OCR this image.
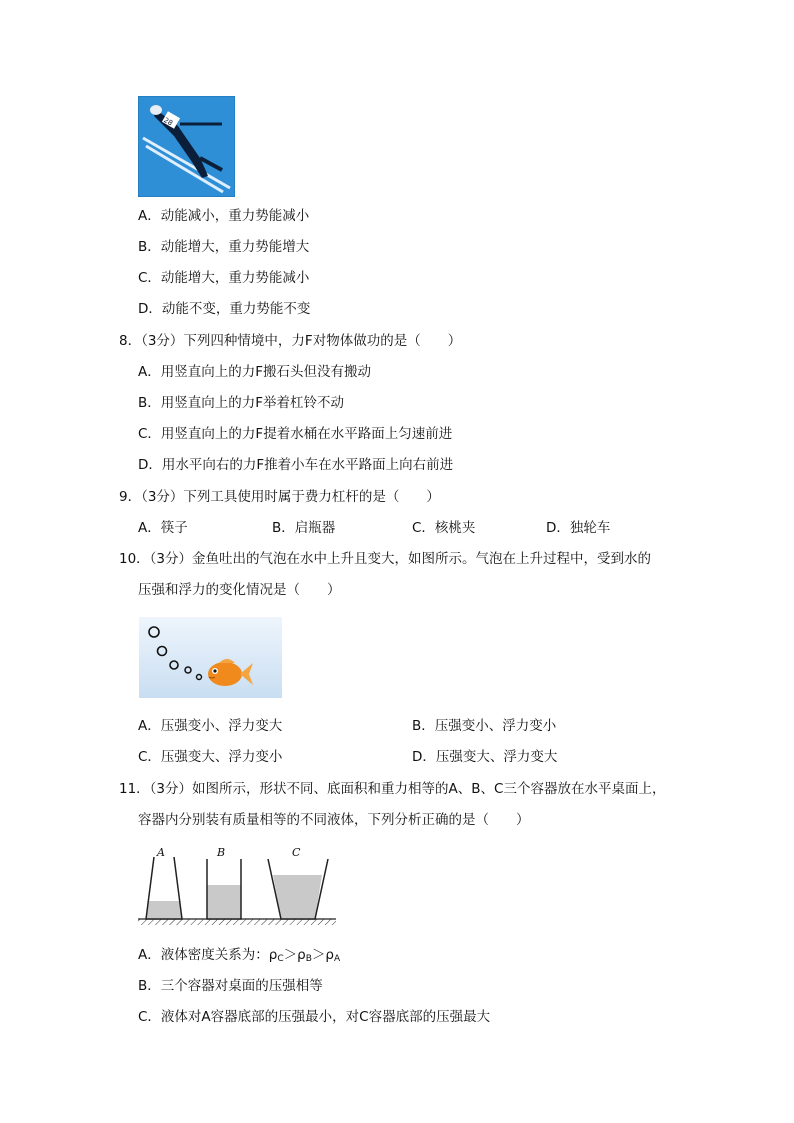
28
A．动能减小，重力势能减小
B．动能增大，重力势能增大
C．动能增大，重力势能减小
D．动能不变，重力势能不变
8．（3分）下列四种情境中，力F对物体做功的是（　　）
A．用竖直向上的力F搬石头但没有搬动
B．用竖直向上的力F举着杠铃不动
C．用竖直向上的力F提着水桶在水平路面上匀速前进
D．用水平向右的力F推着小车在水平路面上向右前进
9．（3分）下列工具使用时属于费力杠杆的是（　　）
A．筷子	B．启瓶器	C．核桃夹	D．独轮车
10．（3分）金鱼吐出的气泡在水中上升且变大，如图所示。气泡在上升过程中，受到水的
压强和浮力的变化情况是（　　）
A．压强变小、浮力变大	B．压强变小、浮力变小
C．压强变大、浮力变小	D．压强变大、浮力变大
11．（3分）如图所示，形状不同、底面积和重力相等的A、B、C三个容器放在水平桌面上，
容器内分别装有质量相等的不同液体，下列分析正确的是（　　）
A	B	C
A．液体密度关系为：$\rho_C>\rho_B>\rho_A$
B．三个容器对桌面的压强相等
C．液体对A容器底部的压强最小，对C容器底部的压强最大
